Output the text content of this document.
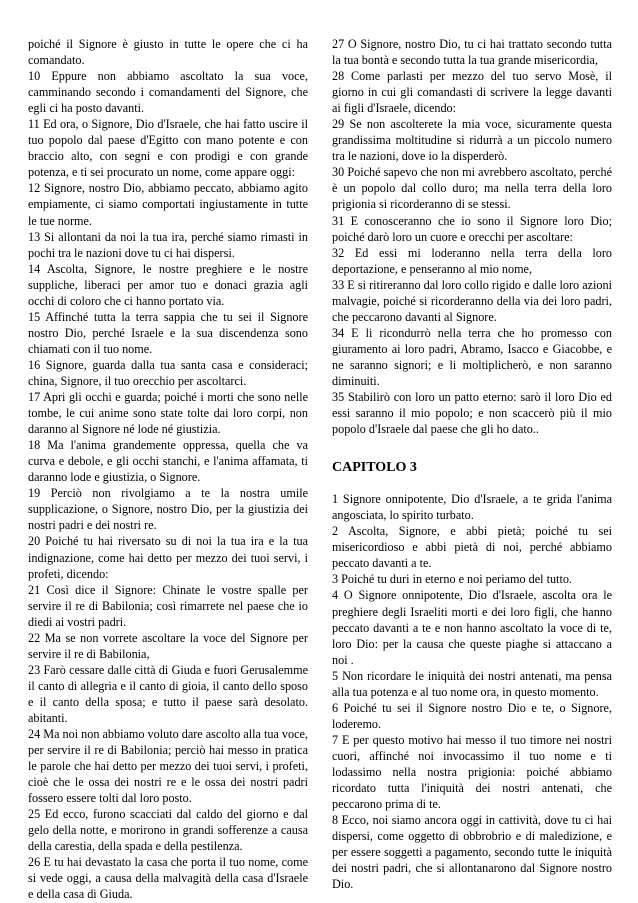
poiché il Signore è giusto in tutte le opere che ci ha comandato.

10 Eppure non abbiamo ascoltato la sua voce, camminando secondo i comandamenti del Signore, che egli ci ha posto davanti.

11 Ed ora, o Signore, Dio d'Israele, che hai fatto uscire il tuo popolo dal paese d'Egitto con mano potente e con braccio alto, con segni e con prodigi e con grande potenza, e ti sei procurato un nome, come appare oggi:

12 Signore, nostro Dio, abbiamo peccato, abbiamo agito empiamente, ci siamo comportati ingiustamente in tutte le tue norme.

13 Si allontani da noi la tua ira, perché siamo rimasti in pochi tra le nazioni dove tu ci hai dispersi.

14 Ascolta, Signore, le nostre preghiere e le nostre suppliche, liberaci per amor tuo e donaci grazia agli occhi di coloro che ci hanno portato via.

15 Affinché tutta la terra sappia che tu sei il Signore nostro Dio, perché Israele e la sua discendenza sono chiamati con il tuo nome.

16 Signore, guarda dalla tua santa casa e consideraci; china, Signore, il tuo orecchio per ascoltarci.

17 Apri gli occhi e guarda; poiché i morti che sono nelle tombe, le cui anime sono state tolte dai loro corpi, non daranno al Signore né lode né giustizia.

18 Ma l'anima grandemente oppressa, quella che va curva e debole, e gli occhi stanchi, e l'anima affamata, ti daranno lode e giustizia, o Signore.

19 Perciò non rivolgiamo a te la nostra umile supplicazione, o Signore, nostro Dio, per la giustizia dei nostri padri e dei nostri re.

20 Poiché tu hai riversato su di noi la tua ira e la tua indignazione, come hai detto per mezzo dei tuoi servi, i profeti, dicendo:

21 Così dice il Signore: Chinate le vostre spalle per servire il re di Babilonia; così rimarrete nel paese che io diedi ai vostri padri.

22 Ma se non vorrete ascoltare la voce del Signore per servire il re di Babilonia,

23 Farò cessare dalle città di Giuda e fuori Gerusalemme il canto di allegria e il canto di gioia, il canto dello sposo e il canto della sposa; e tutto il paese sarà desolato. abitanti.

24 Ma noi non abbiamo voluto dare ascolto alla tua voce, per servire il re di Babilonia; perciò hai messo in pratica le parole che hai detto per mezzo dei tuoi servi, i profeti, cioè che le ossa dei nostri re e le ossa dei nostri padri fossero essere tolti dal loro posto.

25 Ed ecco, furono scacciati dal caldo del giorno e dal gelo della notte, e morirono in grandi sofferenze a causa della carestia, della spada e della pestilenza.

26 E tu hai devastato la casa che porta il tuo nome, come si vede oggi, a causa della malvagità della casa d'Israele e della casa di Giuda.

27 O Signore, nostro Dio, tu ci hai trattato secondo tutta la tua bontà e secondo tutta la tua grande misericordia,

28 Come parlasti per mezzo del tuo servo Mosè, il giorno in cui gli comandasti di scrivere la legge davanti ai figli d'Israele, dicendo:

29 Se non ascolterete la mia voce, sicuramente questa grandissima moltitudine si ridurrà a un piccolo numero tra le nazioni, dove io la disperderò.

30 Poiché sapevo che non mi avrebbero ascoltato, perché è un popolo dal collo duro; ma nella terra della loro prigionia si ricorderanno di se stessi.

31 E conosceranno che io sono il Signore loro Dio; poiché darò loro un cuore e orecchi per ascoltare:

32 Ed essi mi loderanno nella terra della loro deportazione, e penseranno al mio nome,

33 E si ritireranno dal loro collo rigido e dalle loro azioni malvagie, poiché si ricorderanno della via dei loro padri, che peccarono davanti al Signore.

34 E li ricondurrò nella terra che ho promesso con giuramento ai loro padri, Abramo, Isacco e Giacobbe, e ne saranno signori; e li moltiplicherò, e non saranno diminuiti.

35 Stabilirò con loro un patto eterno: sarò il loro Dio ed essi saranno il mio popolo; e non scaccerò più il mio popolo d'Israele dal paese che gli ho dato..

CAPITOLO 3

1 Signore onnipotente, Dio d'Israele, a te grida l'anima angosciata, lo spirito turbato.

2 Ascolta, Signore, e abbi pietà; poiché tu sei misericordioso e abbi pietà di noi, perché abbiamo peccato davanti a te.

3 Poiché tu duri in eterno e noi periamo del tutto.

4 O Signore onnipotente, Dio d'Israele, ascolta ora le preghiere degli Israeliti morti e dei loro figli, che hanno peccato davanti a te e non hanno ascoltato la voce di te, loro Dio: per la causa che queste piaghe si attaccano a noi .

5 Non ricordare le iniquità dei nostri antenati, ma pensa alla tua potenza e al tuo nome ora, in questo momento.

6 Poiché tu sei il Signore nostro Dio e te, o Signore, loderemo.

7 E per questo motivo hai messo il tuo timore nei nostri cuori, affinché noi invocassimo il tuo nome e ti lodassimo nella nostra prigionia: poiché abbiamo ricordato tutta l'iniquità dei nostri antenati, che peccarono prima di te.

8 Ecco, noi siamo ancora oggi in cattività, dove tu ci hai dispersi, come oggetto di obbrobrio e di maledizione, e per essere soggetti a pagamento, secondo tutte le iniquità dei nostri padri, che si allontanarono dal Signore nostro Dio.
